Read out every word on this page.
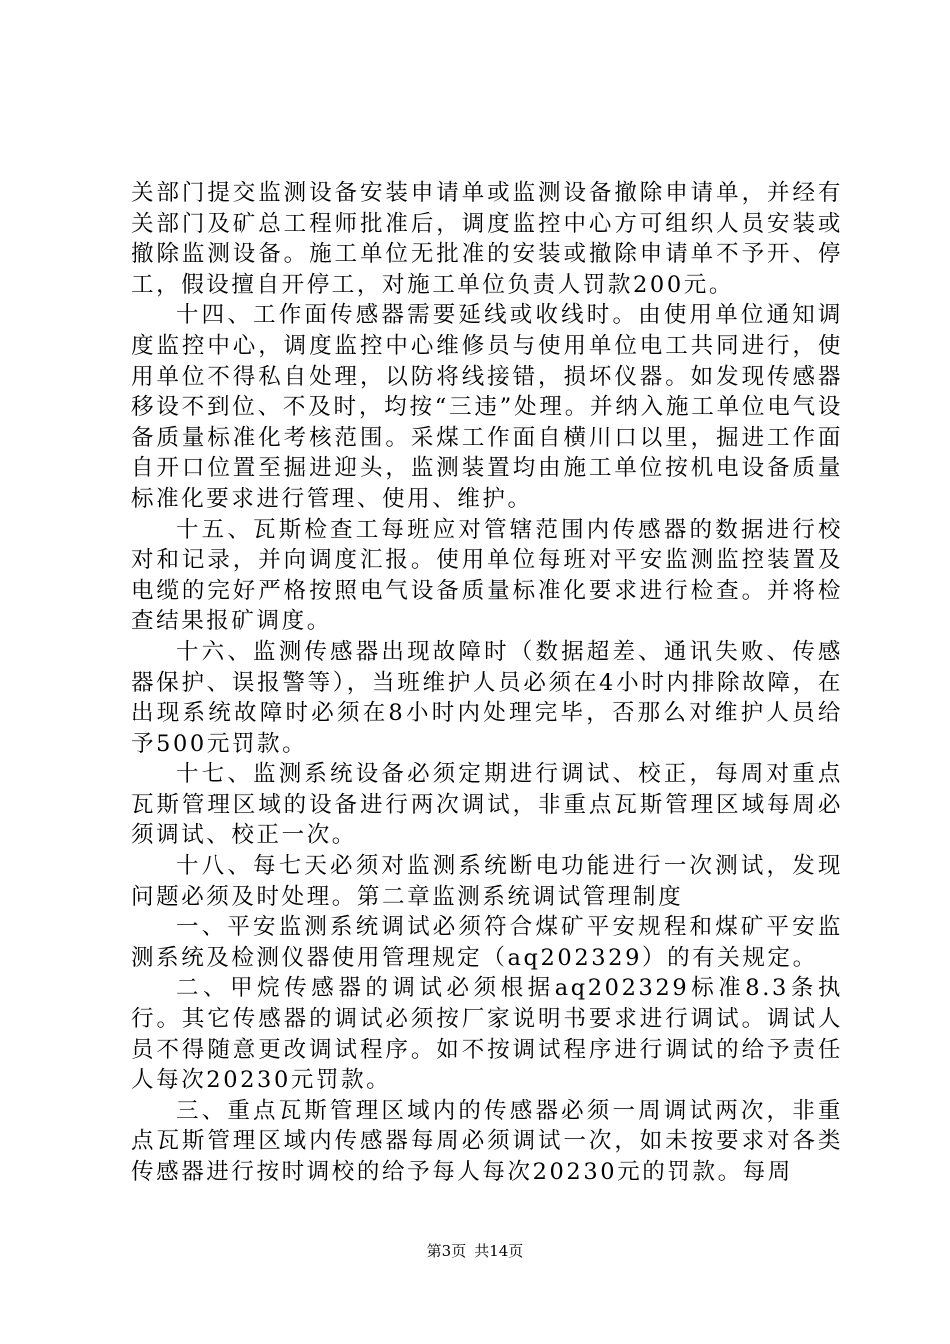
关部门提交监测设备安装申请单或监测设备撤除申请单，并经有关部门及矿总工程师批准后，调度监控中心方可组织人员安装或撤除监测设备。施工单位无批准的安装或撤除申请单不予开、停工，假设擅自开停工，对施工单位负责人罚款200元。

十四、工作面传感器需要延线或收线时。由使用单位通知调度监控中心，调度监控中心维修员与使用单位电工共同进行，使用单位不得私自处理，以防将线接错，损坏仪器。如发现传感器移设不到位、不及时，均按“三违”处理。并纳入施工单位电气设备质量标准化考核范围。采煤工作面自横川口以里，掘进工作面自开口位置至掘进迎头，监测装置均由施工单位按机电设备质量标准化要求进行管理、使用、维护。

十五、瓦斯检查工每班应对管辖范围内传感器的数据进行校对和记录，并向调度汇报。使用单位每班对平安监测监控装置及电缆的完好严格按照电气设备质量标准化要求进行检查。并将检查结果报矿调度。

十六、监测传感器出现故障时（数据超差、通讯失败、传感器保护、误报警等），当班维护人员必须在4小时内排除故障，在出现系统故障时必须在8小时内处理完毕，否那么对维护人员给予500元罚款。

十七、监测系统设备必须定期进行调试、校正，每周对重点瓦斯管理区域的设备进行两次调试，非重点瓦斯管理区域每周必须调试、校正一次。

十八、每七天必须对监测系统断电功能进行一次测试，发现问题必须及时处理。第二章监测系统调试管理制度

一、平安监测系统调试必须符合煤矿平安规程和煤矿平安监测系统及检测仪器使用管理规定（aq202329）的有关规定。

二、甲烷传感器的调试必须根据aq202329标准8.3条执行。其它传感器的调试必须按厂家说明书要求进行调试。调试人员不得随意更改调试程序。如不按调试程序进行调试的给予责任人每次20230元罚款。

三、重点瓦斯管理区域内的传感器必须一周调试两次，非重点瓦斯管理区域内传感器每周必须调试一次，如未按要求对各类传感器进行按时调校的给予每人每次20230元的罚款。每周

第3页 共14页
